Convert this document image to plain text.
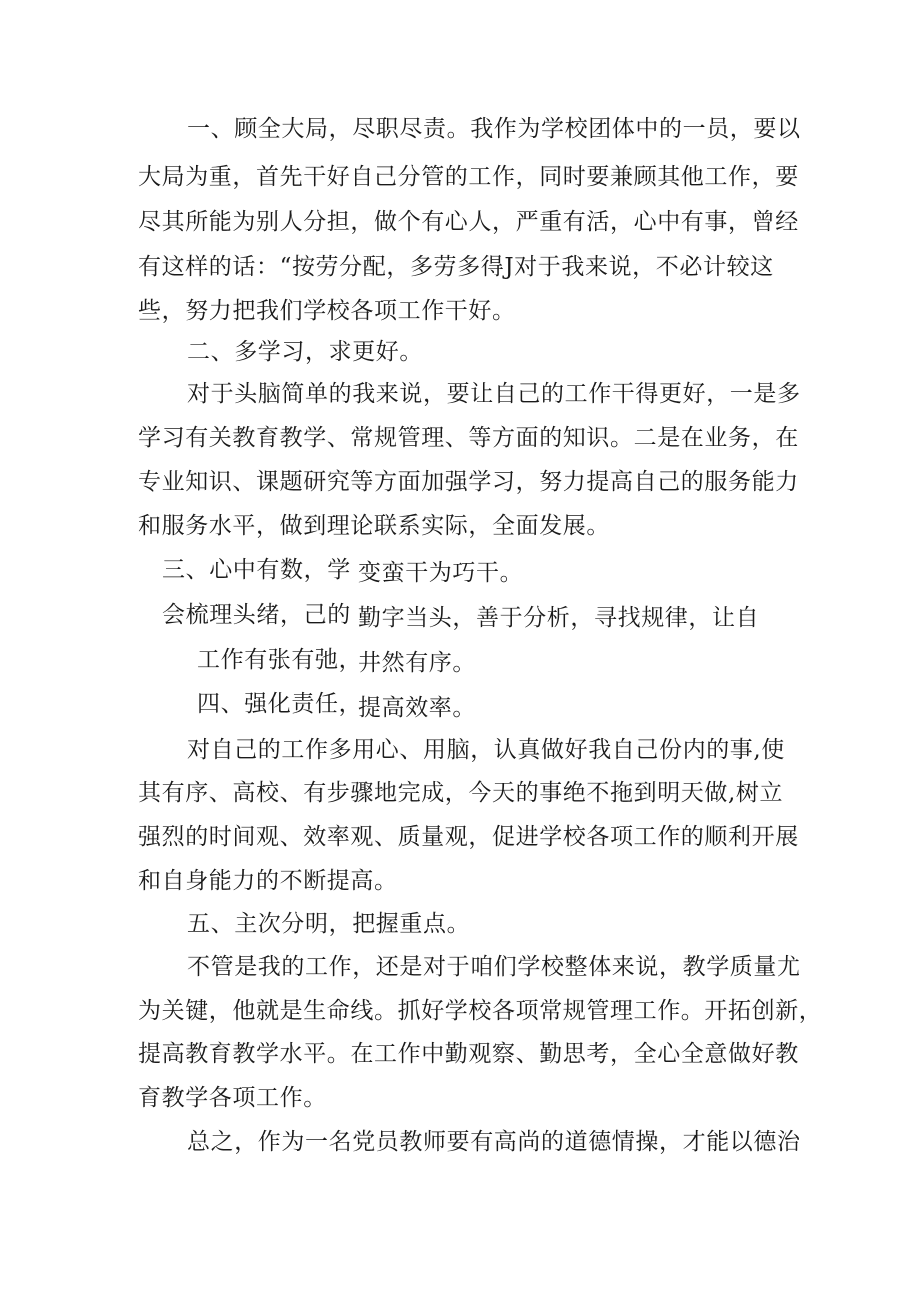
一、顾全大局，尽职尽责。我作为学校团体中的一员，要以
大局为重，首先干好自己分管的工作，同时要兼顾其他工作，要
尽其所能为别人分担，做个有心人，严重有活，心中有事，曾经
有这样的话：“按劳分配，多劳多得J对于我来说，不必计较这
些，努力把我们学校各项工作干好。
二、多学习，求更好。
对于头脑简单的我来说，要让自己的工作干得更好，一是多
学习有关教育教学、常规管理、等方面的知识。二是在业务，在
专业知识、课题研究等方面加强学习，努力提高自己的服务能力
和服务水平，做到理论联系实际，全面发展。
三、心中有数，学 变蛮干为巧干。
会梳理头绪，己的 勤字当头，善于分析，寻找规律，让自
工作有张有弛，
井然有序。
四、强化责任，
提高效率。
对自己的工作多用心、用脑，认真做好我自己份内的事,使
其有序、高校、有步骤地完成，今天的事绝不拖到明天做,树立
强烈的时间观、效率观、质量观，促进学校各项工作的顺利开展
和自身能力的不断提高。
五、主次分明，把握重点。
不管是我的工作，还是对于咱们学校整体来说，教学质量尤
为关键，他就是生命线。抓好学校各项常规管理工作。开拓创新，
提高教育教学水平。在工作中勤观察、勤思考，全心全意做好教
育教学各项工作。
总之，作为一名党员教师要有高尚的道德情操，才能以德治
